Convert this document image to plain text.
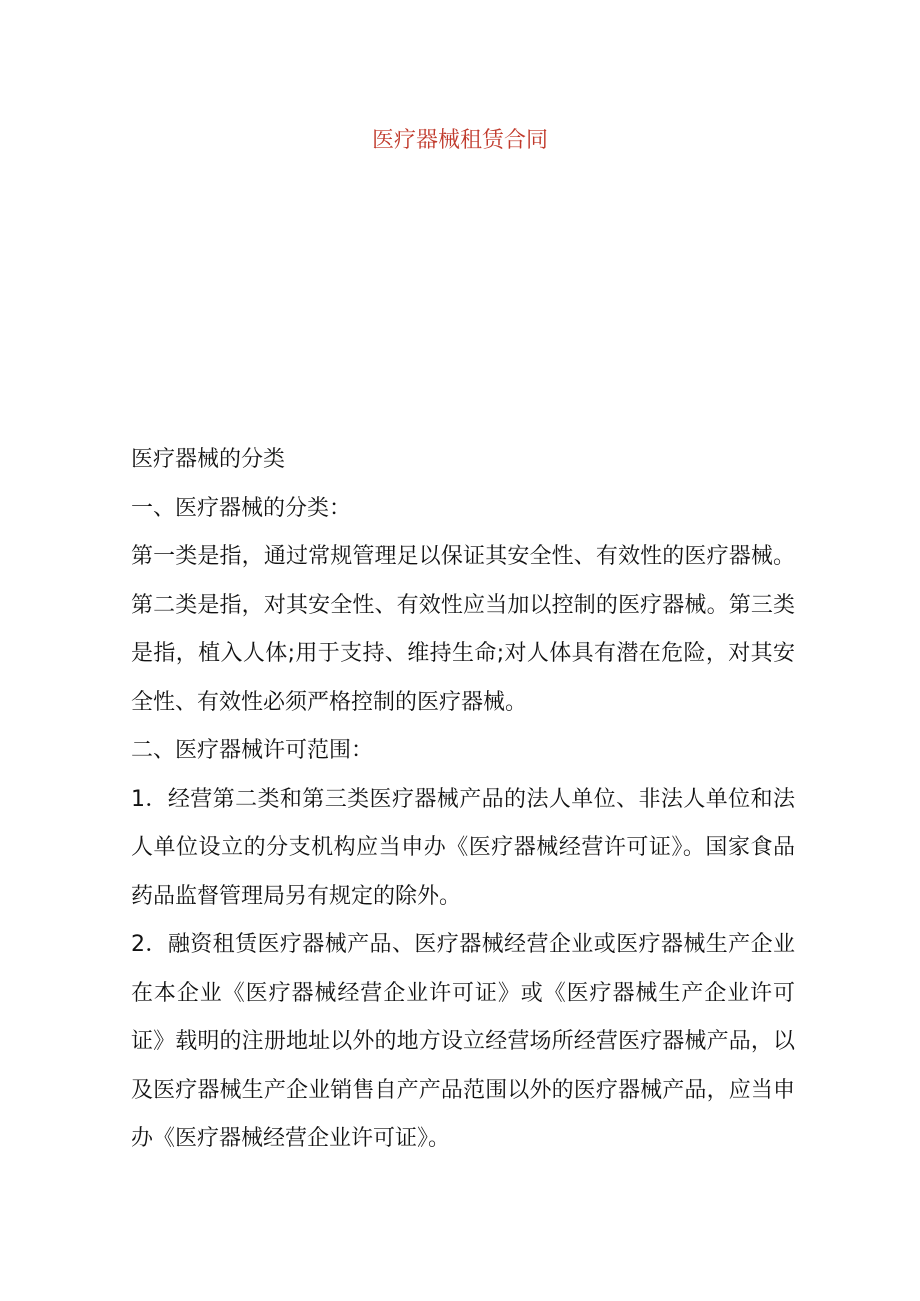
医疗器械租赁合同

医疗器械的分类

一、医疗器械的分类：

第一类是指，通过常规管理足以保证其安全性、有效性的医疗器械。第二类是指，对其安全性、有效性应当加以控制的医疗器械。第三类是指，植入人体;用于支持、维持生命;对人体具有潜在危险，对其安全性、有效性必须严格控制的医疗器械。

二、医疗器械许可范围：

1．经营第二类和第三类医疗器械产品的法人单位、非法人单位和法人单位设立的分支机构应当申办《医疗器械经营许可证》。国家食品药品监督管理局另有规定的除外。

2．融资租赁医疗器械产品、医疗器械经营企业或医疗器械生产企业在本企业《医疗器械经营企业许可证》或《医疗器械生产企业许可证》载明的注册地址以外的地方设立经营场所经营医疗器械产品，以及医疗器械生产企业销售自产产品范围以外的医疗器械产品，应当申办《医疗器械经营企业许可证》。
